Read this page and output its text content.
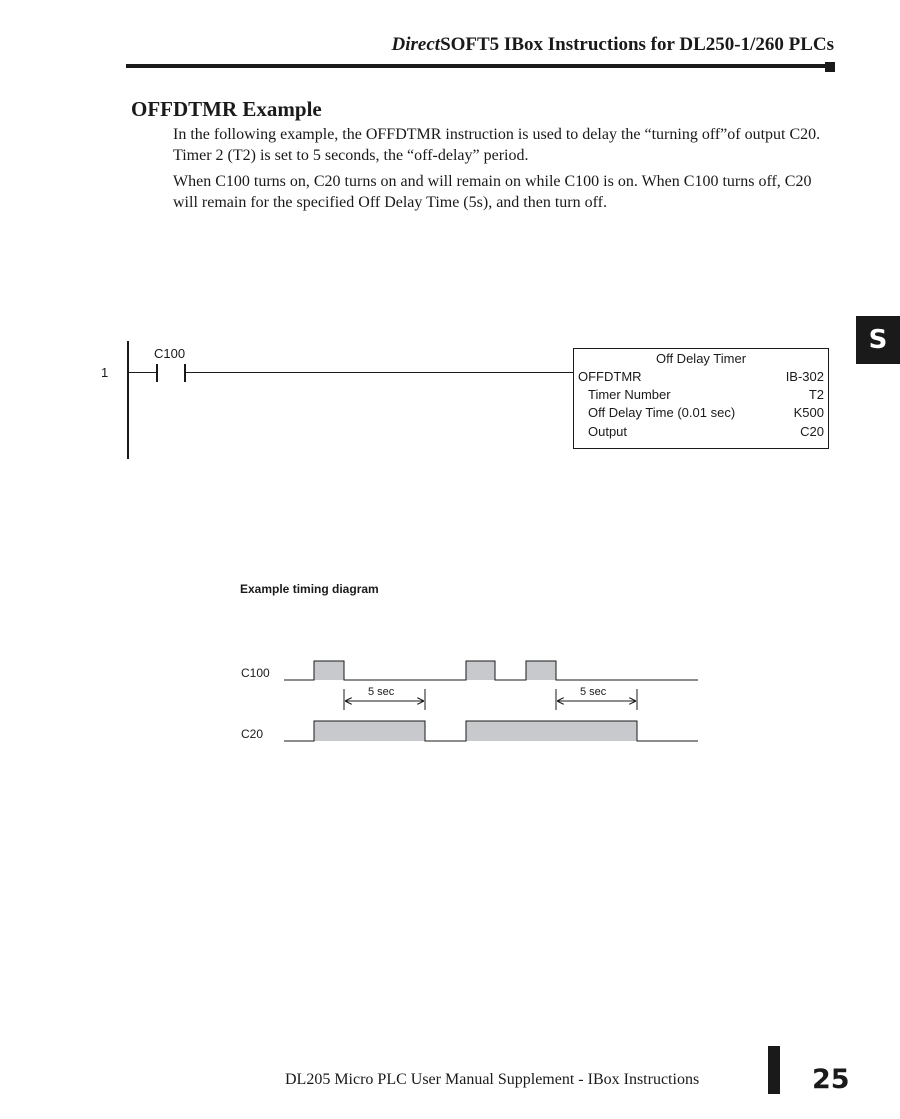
DirectSOFT5 IBox Instructions for DL250-1/260 PLCs
OFFDTMR Example
In the following example, the OFFDTMR instruction is used to delay the “turning off”of output C20. Timer 2 (T2) is set to 5 seconds, the “off-delay” period.
When C100 turns on, C20 turns on and will remain on while C100 is on. When C100 turns off, C20 will remain for the specified Off Delay Time (5s), and then turn off.
S
1
C100	Off Delay Timer
OFFDTMR	IB-302
Timer Number	T2
Off Delay Time (0.01 sec)	K500
Output	C20
Example timing diagram
C100
C20
5 sec	5 sec
DL205 Micro PLC User Manual Supplement - IBox Instructions	25
